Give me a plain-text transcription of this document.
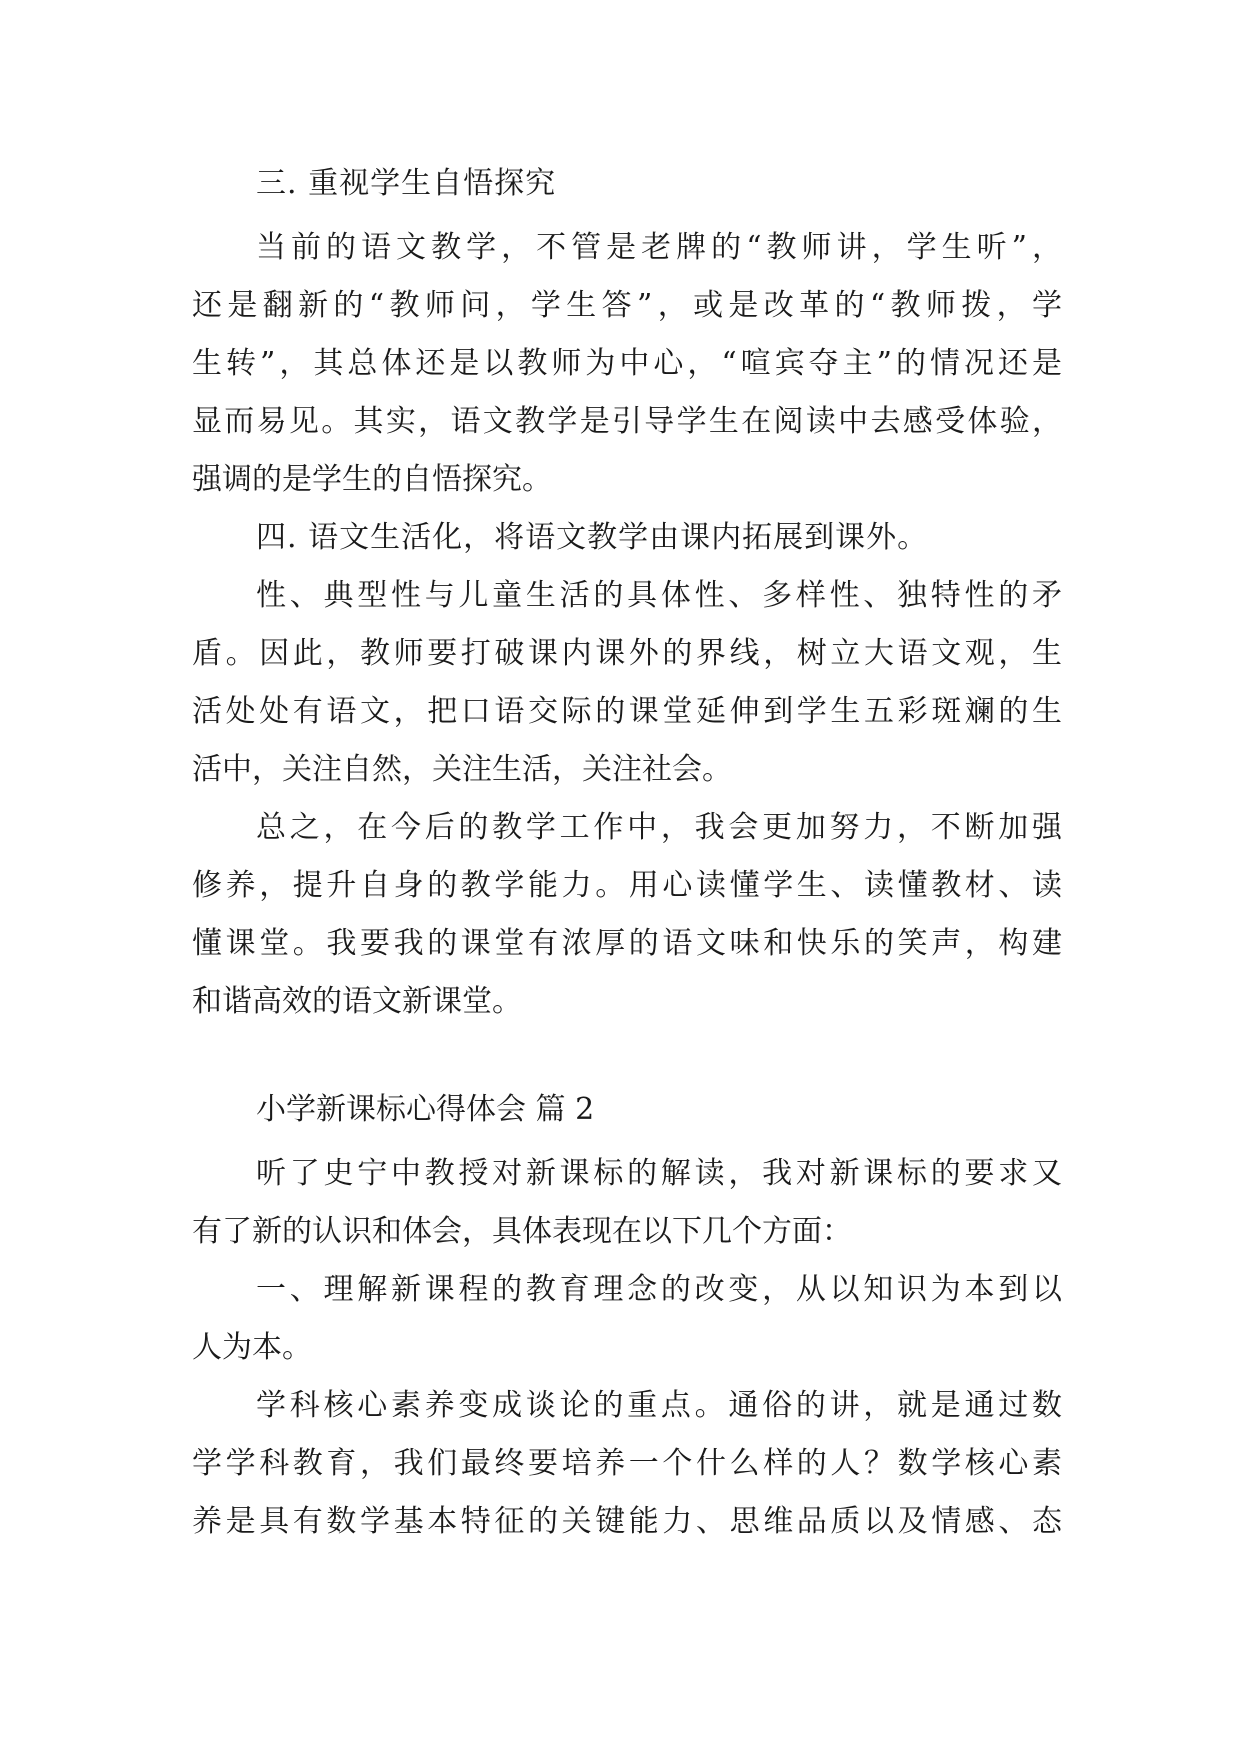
三. 重视学生自悟探究

当前的语文教学，不管是老牌的“教师讲，学生听”，

还是翻新的“教师问，学生答”，或是改革的“教师拨，学

生转”，其总体还是以教师为中心，“喧宾夺主”的情况还是

显而易见。其实，语文教学是引导学生在阅读中去感受体验，

强调的是学生的自悟探究。

四. 语文生活化，将语文教学由课内拓展到课外。

性、典型性与儿童生活的具体性、多样性、独特性的矛

盾。因此，教师要打破课内课外的界线，树立大语文观，生

活处处有语文，把口语交际的课堂延伸到学生五彩斑斓的生

活中，关注自然，关注生活，关注社会。

总之，在今后的教学工作中，我会更加努力，不断加强

修养，提升自身的教学能力。用心读懂学生、读懂教材、读

懂课堂。我要我的课堂有浓厚的语文味和快乐的笑声，构建

和谐高效的语文新课堂。

小学新课标心得体会 篇 2

听了史宁中教授对新课标的解读，我对新课标的要求又

有了新的认识和体会，具体表现在以下几个方面：

一、理解新课程的教育理念的改变，从以知识为本到以

人为本。

学科核心素养变成谈论的重点。通俗的讲，就是通过数

学学科教育，我们最终要培养一个什么样的人？数学核心素

养是具有数学基本特征的关键能力、思维品质以及情感、态
